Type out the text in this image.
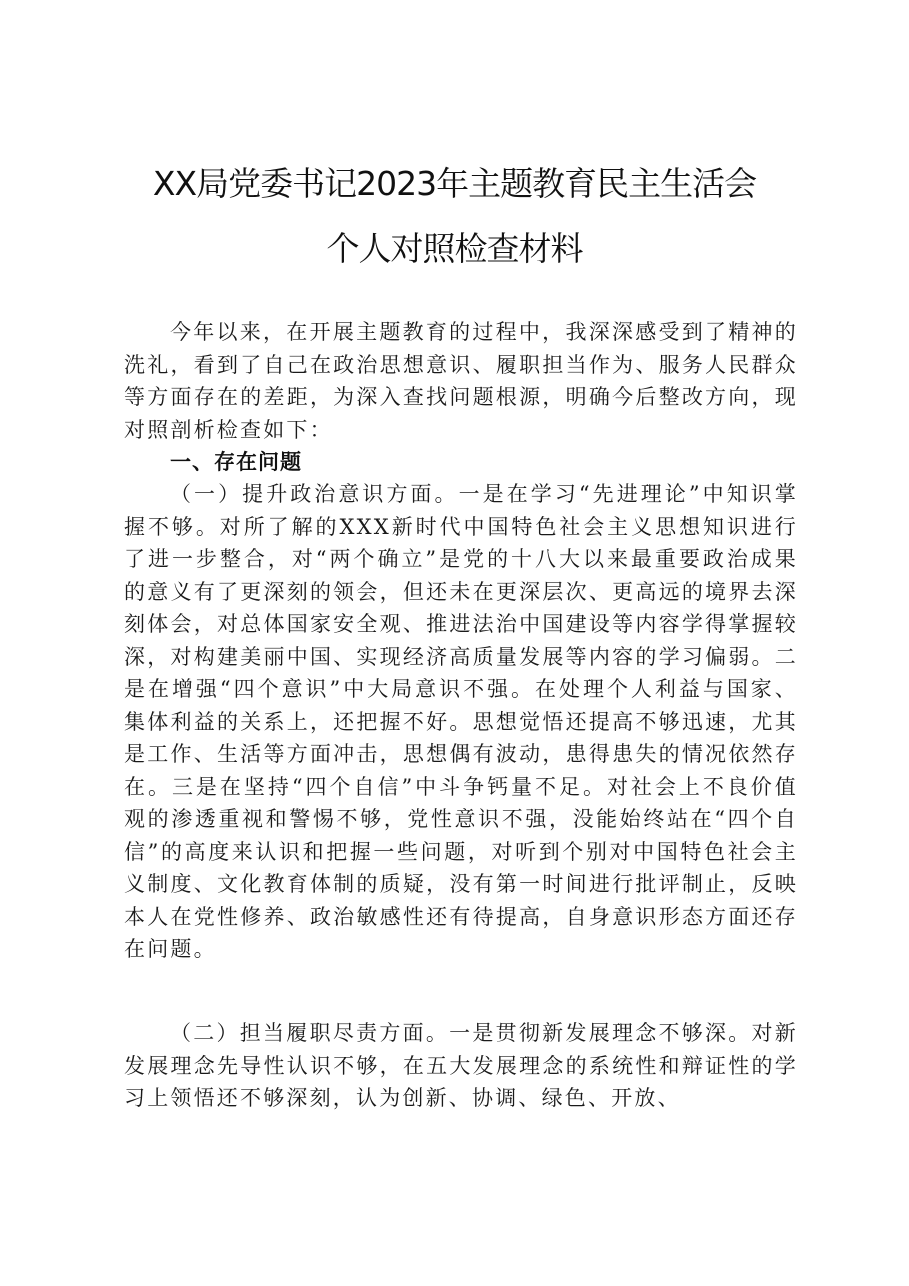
XX局党委书记2023年主题教育民主生活会
个人对照检查材料
今年以来，在开展主题教育的过程中，我深深感受到了精神的洗礼，看到了自己在政治思想意识、履职担当作为、服务人民群众等方面存在的差距，为深入查找问题根源，明确今后整改方向，现对照剖析检查如下：
一、存在问题
（一）提升政治意识方面。一是在学习“先进理论”中知识掌握不够。对所了解的XXX新时代中国特色社会主义思想知识进行了进一步整合，对“两个确立”是党的十八大以来最重要政治成果的意义有了更深刻的领会，但还未在更深层次、更高远的境界去深刻体会，对总体国家安全观、推进法治中国建设等内容学得掌握较深，对构建美丽中国、实现经济高质量发展等内容的学习偏弱。二是在增强“四个意识”中大局意识不强。在处理个人利益与国家、集体利益的关系上，还把握不好。思想觉悟还提高不够迅速，尤其是工作、生活等方面冲击，思想偶有波动，患得患失的情况依然存在。三是在坚持“四个自信”中斗争钙量不足。对社会上不良价值观的渗透重视和警惕不够，党性意识不强，没能始终站在“四个自信”的高度来认识和把握一些问题，对听到个别对中国特色社会主义制度、文化教育体制的质疑，没有第一时间进行批评制止，反映本人在党性修养、政治敏感性还有待提高，自身意识形态方面还存在问题。
（二）担当履职尽责方面。一是贯彻新发展理念不够深。对新发展理念先导性认识不够，在五大发展理念的系统性和辩证性的学习上领悟还不够深刻，认为创新、协调、绿色、开放、
